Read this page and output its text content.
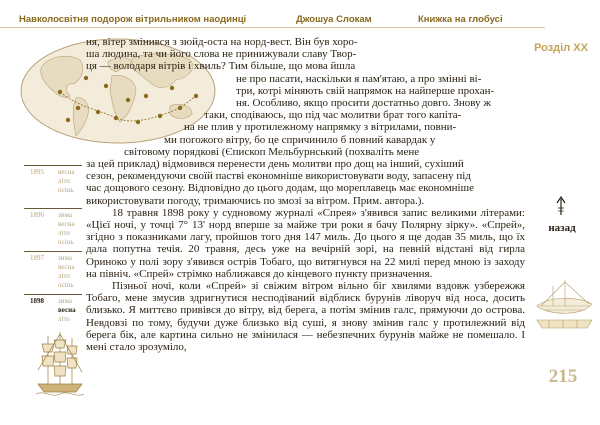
Навколосвітня подорож вітрильником наодинці	Джошуа Слокам	Книжка на глобусі
1895 весна
літо
осінь
1896 зима
весна
літо
осінь
1897 зима
весна
літо
осінь
1898 зима
весна
літо

ня, вітер змінився з зюйд-оста на норд-вест. Він був хоро-
ша людина, та чи його слова не принижували славу Твор-
ця — володаря вітрів і хвиль? Тим більше, що мова йшла
не про пасати, наскільки я пам'ятаю, а про змінні ві-
три, котрі міняють свій напрямок на найперше прохан-
ня. Особливо, якщо просити достатньо довго. Знову ж
таки, сподіваюсь, що під час молитви брат того капіта-
на не плив у протилежному напрямку з вітрилами, повни-
ми погожого вітру, бо це спричинило б повний кавардак у
світовому порядкові (Єпископ Мельбурнський (похваліть мене
за цей приклад) відмовився перенести день молитви про дощ на інший, сухіший
сезон, рекомендуючи своїй пастві економніше використовувати воду, запасену під
час дощового сезону. Відповідно до цього додам, що мореплавець має економніше
використовувати погоду, тримаючись по змозі за вітром. Прим. автора.).

18 травня 1898 року у судновому журналі «Спрея» з'явився запис великими літерами: «Цієї ночі, у точці 7° 13' норд вперше за майже три роки я бачу Полярну зірку». «Спрей», згідно з показниками лагу, пройшов того дня 147 миль. До цього я ще додав 35 миль, що їх дала попутна течія. 20 травня, десь уже на вечірній зорі, на певній відстані від гирла Ориноко у полі зору з'явився острів Тобаго, що витягнувся на 22 милі перед мною із заходу на північ. «Спрей» стрімко наближався до кінцевого пункту призначення.

Пізньої ночі, коли «Спрей» зі свіжим вітром вільно біг хвилями вздовж узбережжя Тобаго, мене змусив здригнутися несподіваний відблиск бурунів ліворуч від носа, досить близько. Я миттєво привівся до вітру, від берега, а потім змінив галс, прямуючи до острова. Невдовзі по тому, будучи дуже близько від суші, я знову змінив галс у протилежний від берега бік, але картина сильно не змінилася — небезпечних бурунів майже не помешало. І мені стало зрозуміло,

Розділ XX
назад
215
